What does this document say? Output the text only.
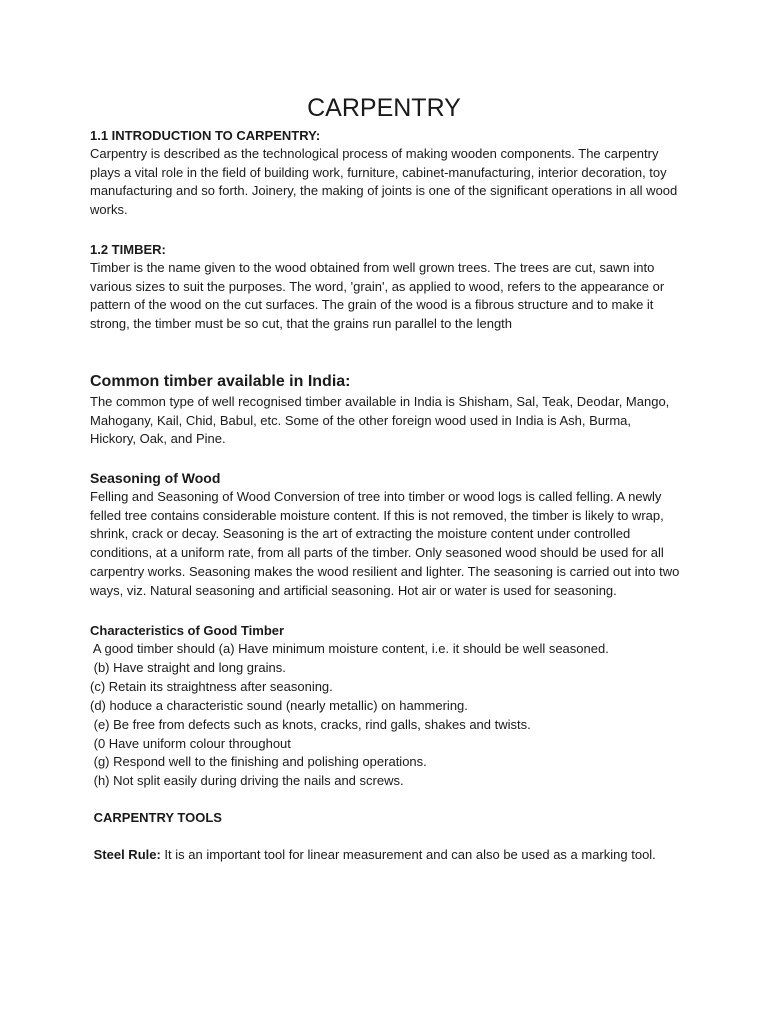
CARPENTRY
1.1 INTRODUCTION TO CARPENTRY:

Carpentry is described as the technological process of making wooden components. The carpentry plays a vital role in the field of building work, furniture, cabinet-manufacturing, interior decoration, toy manufacturing and so forth. Joinery, the making of joints is one of the significant operations in all wood works.

1.2 TIMBER:

Timber is the name given to the wood obtained from well grown trees. The trees are cut, sawn into various sizes to suit the purposes. The word, 'grain', as applied to wood, refers to the appearance or pattern of the wood on the cut surfaces. The grain of the wood is a fibrous structure and to make it strong, the timber must be so cut, that the grains run parallel to the length

Common timber available in India:

The common type of well recognised timber available in India is Shisham, Sal, Teak, Deodar, Mango, Mahogany, Kail, Chid, Babul, etc. Some of the other foreign wood used in India is Ash, Burma, Hickory, Oak, and Pine.

Seasoning of Wood

Felling and Seasoning of Wood Conversion of tree into timber or wood logs is called felling. A newly felled tree contains considerable moisture content. If this is not removed, the timber is likely to wrap, shrink, crack or decay. Seasoning is the art of extracting the moisture content under controlled conditions, at a uniform rate, from all parts of the timber. Only seasoned wood should be used for all carpentry works. Seasoning makes the wood resilient and lighter. The seasoning is carried out into two ways, viz. Natural seasoning and artificial seasoning. Hot air or water is used for seasoning.

Characteristics of Good Timber
A good timber should (a) Have minimum moisture content, i.e. it should be well seasoned.
(b) Have straight and long grains.
(c) Retain its straightness after seasoning.
(d) hoduce a characteristic sound (nearly metallic) on hammering.
(e) Be free from defects such as knots, cracks, rind galls, shakes and twists.
(0 Have uniform colour throughout
(g) Respond well to the finishing and polishing operations.
(h) Not split easily during driving the nails and screws.
CARPENTRY TOOLS

Steel Rule: It is an important tool for linear measurement and can also be used as a marking tool.
